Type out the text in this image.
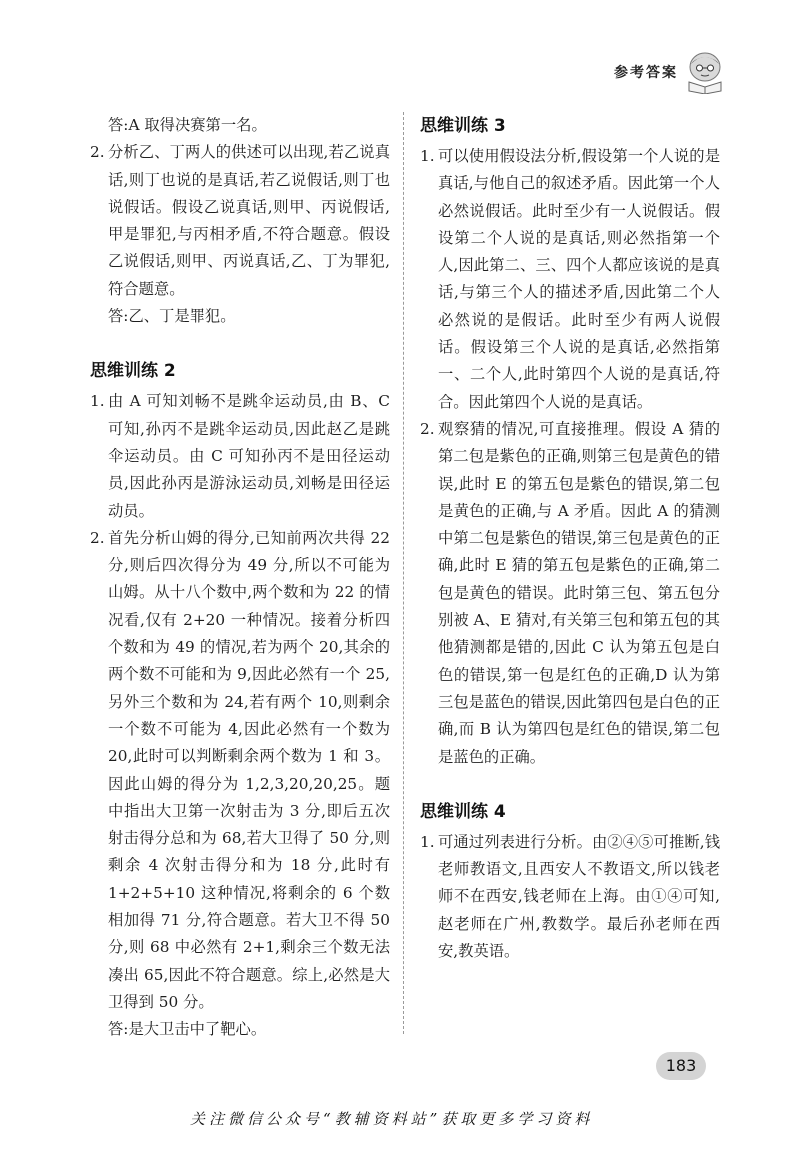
参考答案
答:A 取得决赛第一名。
2. 分析乙、丁两人的供述可以出现,若乙说真话,则丁也说的是真话,若乙说假话,则丁也说假话。假设乙说真话,则甲、丙说假话,甲是罪犯,与丙相矛盾,不符合题意。假设乙说假话,则甲、丙说真话,乙、丁为罪犯,符合题意。
答:乙、丁是罪犯。
思维训练 2
1. 由 A 可知刘畅不是跳伞运动员,由 B、C 可知,孙丙不是跳伞运动员,因此赵乙是跳伞运动员。由 C 可知孙丙不是田径运动员,因此孙丙是游泳运动员,刘畅是田径运动员。
2. 首先分析山姆的得分,已知前两次共得 22 分,则后四次得分为 49 分,所以不可能为山姆。从十八个数中,两个数和为 22 的情况看,仅有 2+20 一种情况。接着分析四个数和为 49 的情况,若为两个 20,其余的两个数不可能和为 9,因此必然有一个 25,另外三个数和为 24,若有两个 10,则剩余一个数不可能为 4,因此必然有一个数为 20,此时可以判断剩余两个数为 1 和 3。因此山姆的得分为 1,2,3,20,20,25。题中指出大卫第一次射击为 3 分,即后五次射击得分总和为 68,若大卫得了 50 分,则剩余 4 次射击得分和为 18 分,此时有 1+2+5+10 这种情况,将剩余的 6 个数相加得 71 分,符合题意。若大卫不得 50 分,则 68 中必然有 2+1,剩余三个数无法凑出 65,因此不符合题意。综上,必然是大卫得到 50 分。
答:是大卫击中了靶心。
思维训练 3
1. 可以使用假设法分析,假设第一个人说的是真话,与他自己的叙述矛盾。因此第一个人必然说假话。此时至少有一人说假话。假设第二个人说的是真话,则必然指第一个人,因此第二、三、四个人都应该说的是真话,与第三个人的描述矛盾,因此第二个人必然说的是假话。此时至少有两人说假话。假设第三个人说的是真话,必然指第一、二个人,此时第四个人说的是真话,符合。因此第四个人说的是真话。
2. 观察猜的情况,可直接推理。假设 A 猜的第二包是紫色的正确,则第三包是黄色的错误,此时 E 的第五包是紫色的错误,第二包是黄色的正确,与 A 矛盾。因此 A 的猜测中第二包是紫色的错误,第三包是黄色的正确,此时 E 猜的第五包是紫色的正确,第二包是黄色的错误。此时第三包、第五包分别被 A、E 猜对,有关第三包和第五包的其他猜测都是错的,因此 C 认为第五包是白色的错误,第一包是红色的正确,D 认为第三包是蓝色的错误,因此第四包是白色的正确,而 B 认为第四包是红色的错误,第二包是蓝色的正确。
思维训练 4
1. 可通过列表进行分析。由②④⑤可推断,钱老师教语文,且西安人不教语文,所以钱老师不在西安,钱老师在上海。由①④可知,赵老师在广州,教数学。最后孙老师在西安,教英语。
183
关注微信公众号“教辅资料站”获取更多学习资料
